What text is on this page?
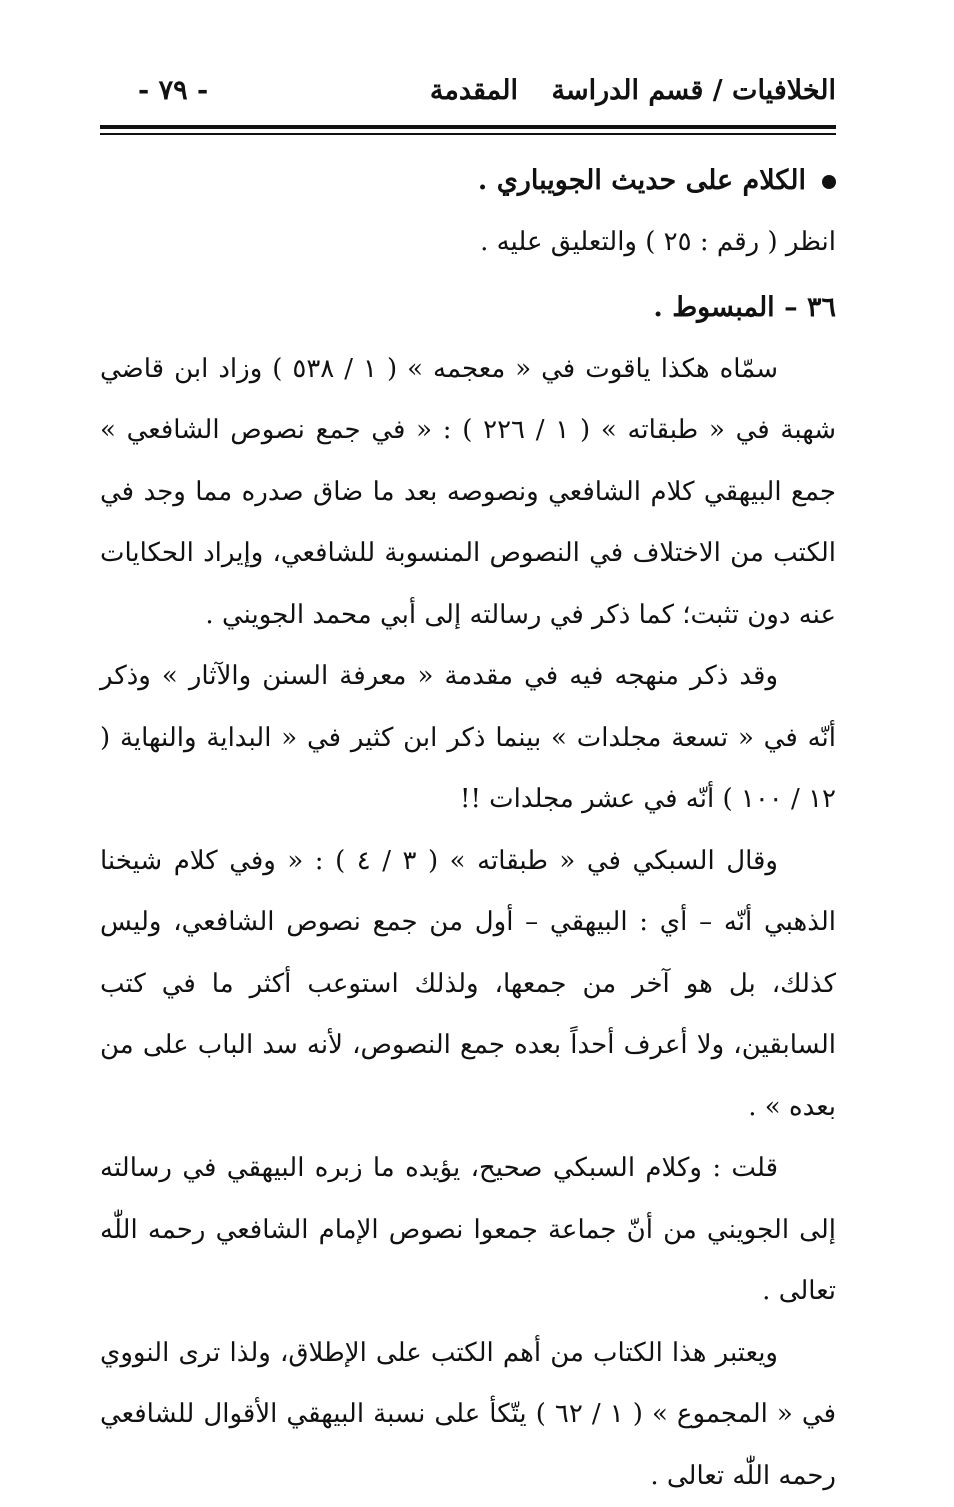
الخلافيات / قسم الدراسة
المقدمة
- ٧٩ -

الكلام على حديث الجويباري .

انظر ( رقم : ٢٥ ) والتعليق عليه .

٣٦ – المبسوط .

سمّاه هكذا ياقوت في « معجمه » ( ١ / ٥٣٨ ) وزاد ابن قاضي شهبة في « طبقاته » ( ١ / ٢٢٦ ) : « في جمع نصوص الشافعي » جمع البيهقي كلام الشافعي ونصوصه بعد ما ضاق صدره مما وجد في الكتب من الاختلاف في النصوص المنسوبة للشافعي، وإيراد الحكايات عنه دون تثبت؛ كما ذكر في رسالته إلى أبي محمد الجويني .

وقد ذكر منهجه فيه في مقدمة « معرفة السنن والآثار » وذكر أنّه في « تسعة مجلدات » بينما ذكر ابن كثير في « البداية والنهاية ( ١٢ / ١٠٠ ) أنّه في عشر مجلدات !!

وقال السبكي في « طبقاته » ( ٣ / ٤ ) : « وفي كلام شيخنا الذهبي أنّه – أي : البيهقي – أول من جمع نصوص الشافعي، وليس كذلك، بل هو آخر من جمعها، ولذلك استوعب أكثر ما في كتب السابقين، ولا أعرف أحداً بعده جمع النصوص، لأنه سد الباب على من بعده » .

قلت : وكلام السبكي صحيح، يؤيده ما زبره البيهقي في رسالته إلى الجويني من أنّ جماعة جمعوا نصوص الإمام الشافعي رحمه اللّٰه تعالى .

ويعتبر هذا الكتاب من أهم الكتب على الإطلاق، ولذا ترى النووي في « المجموع » ( ١ / ٦٢ ) يتّكأ على نسبة البيهقي الأقوال للشافعي رحمه اللّٰه تعالى .
